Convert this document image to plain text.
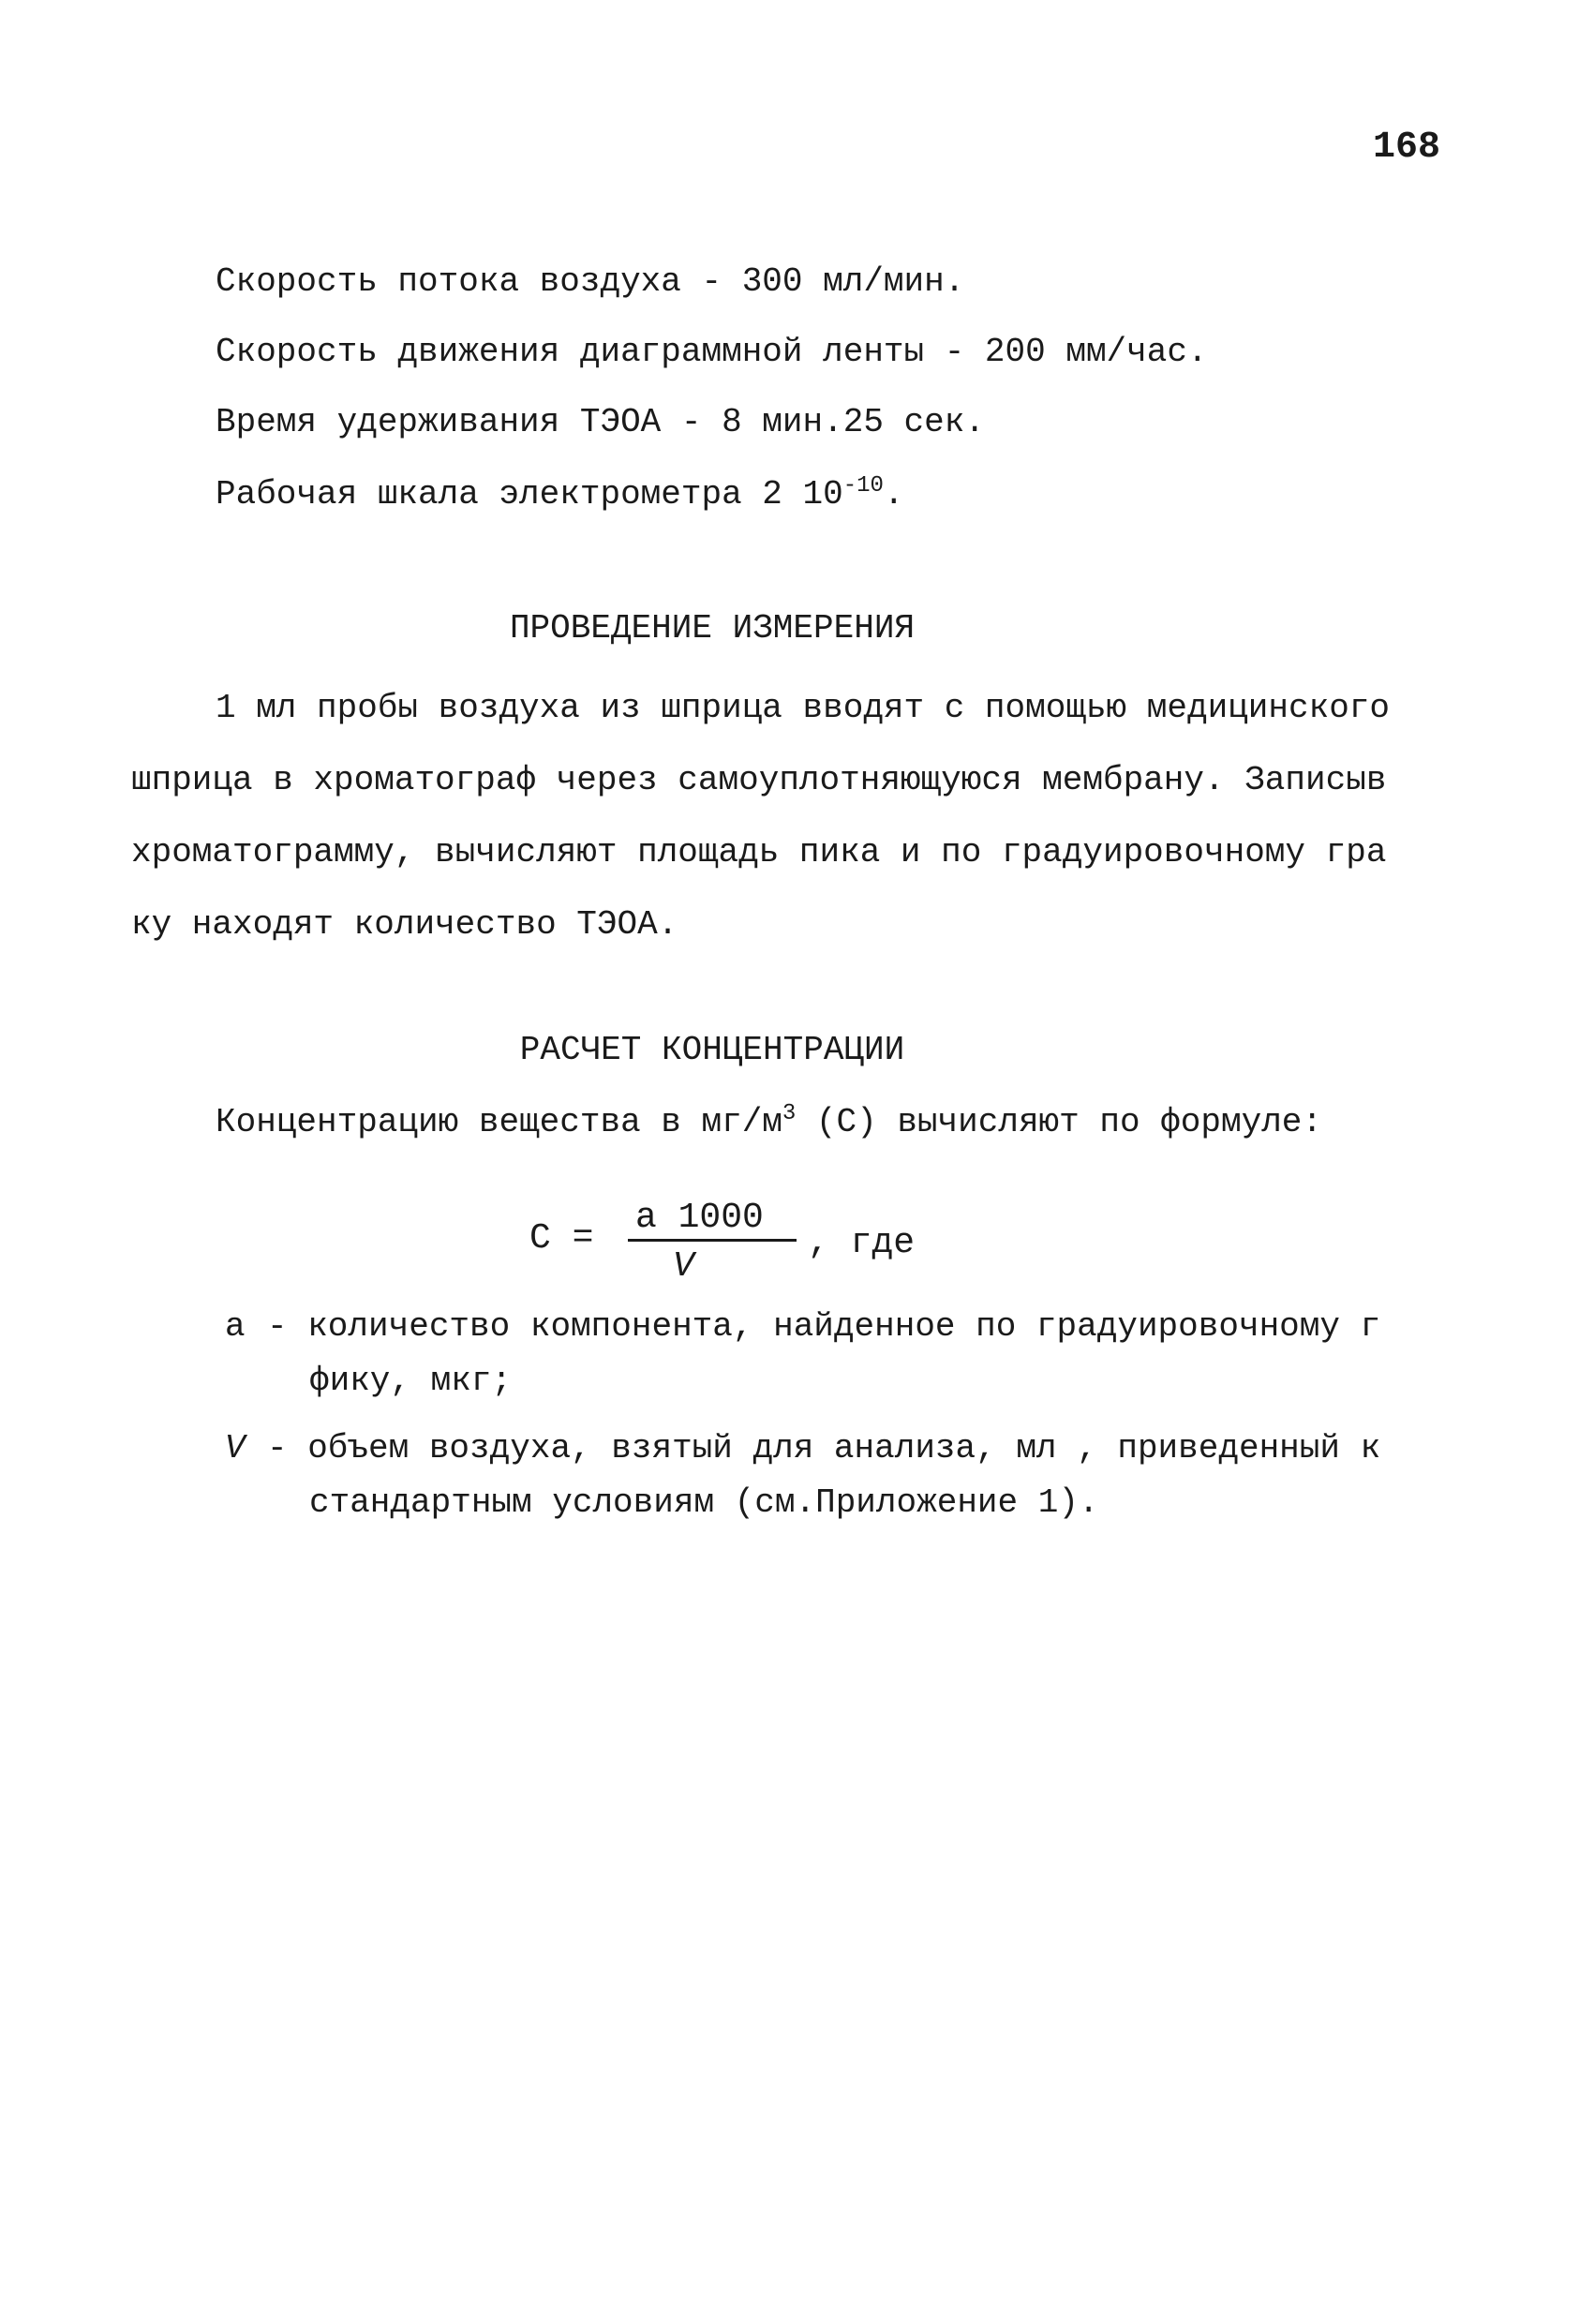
168
Скорость потока воздуха - 300 мл/мин.
Скорость движения диаграммной ленты - 200 мм/час.
Время удерживания ТЭОА - 8 мин.25 сек.
Рабочая шкала электрометра 2 $10^{-10}$.
ПРОВЕДЕНИЕ ИЗМЕРЕНИЯ
1 мл пробы воздуха из шприца вводят с помощью медицинского
шприца в хроматограф через самоуплотняющуюся мембрану. Записыв
хроматограмму, вычисляют площадь пика и по градуировочному гра
ку находят количество ТЭОА.
РАСЧЕТ КОНЦЕНТРАЦИИ
Концентрацию вещества в $мг/м^3$ (С) вычисляют по формуле:
С =
а 1000
V
, где
а - количество компонента, найденное по градуировочному г
фику, мкг;
V - объем воздуха, взятый для анализа, мл , приведенный к
стандартным условиям (см.Приложение 1).
